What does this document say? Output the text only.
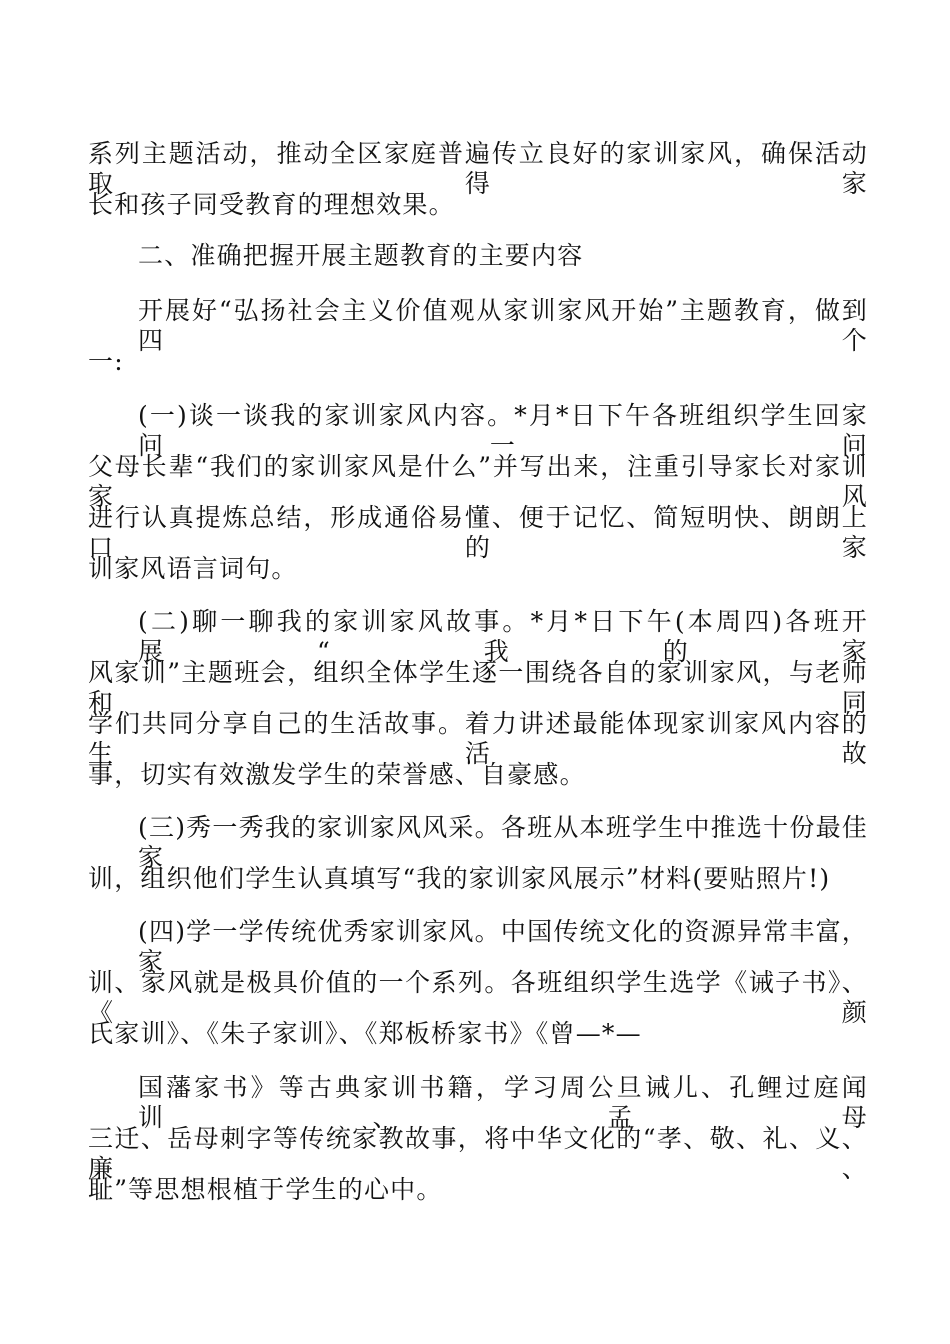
系列主题活动，推动全区家庭普遍传立良好的家训家风，确保活动取得家
长和孩子同受教育的理想效果。
二、准确把握开展主题教育的主要内容
开展好“弘扬社会主义价值观从家训家风开始”主题教育，做到四个
一:
(一)谈一谈我的家训家风内容。*月*日下午各班组织学生回家问一问
父母长辈“我们的家训家风是什么”并写出来，注重引导家长对家训家风
进行认真提炼总结，形成通俗易懂、便于记忆、简短明快、朗朗上口的家
训家风语言词句。
(二)聊一聊我的家训家风故事。*月*日下午(本周四)各班开展“我的家
风家训”主题班会，组织全体学生逐一围绕各自的家训家风，与老师和同
学们共同分享自己的生活故事。着力讲述最能体现家训家风内容的生活故
事，切实有效激发学生的荣誉感、自豪感。
(三)秀一秀我的家训家风风采。各班从本班学生中推选十份最佳家
训，组织他们学生认真填写“我的家训家风展示”材料(要贴照片!)
(四)学一学传统优秀家训家风。中国传统文化的资源异常丰富，家
训、家风就是极具价值的一个系列。各班组织学生选学《诫子书》、《颜
氏家训》、《朱子家训》、《郑板桥家书》《曾—*—
国藩家书》等古典家训书籍，学习周公旦诫儿、孔鲤过庭闻训、孟母
三迁、岳母刺字等传统家教故事，将中华文化的“孝、敬、礼、义、廉、
耻”等思想根植于学生的心中。
